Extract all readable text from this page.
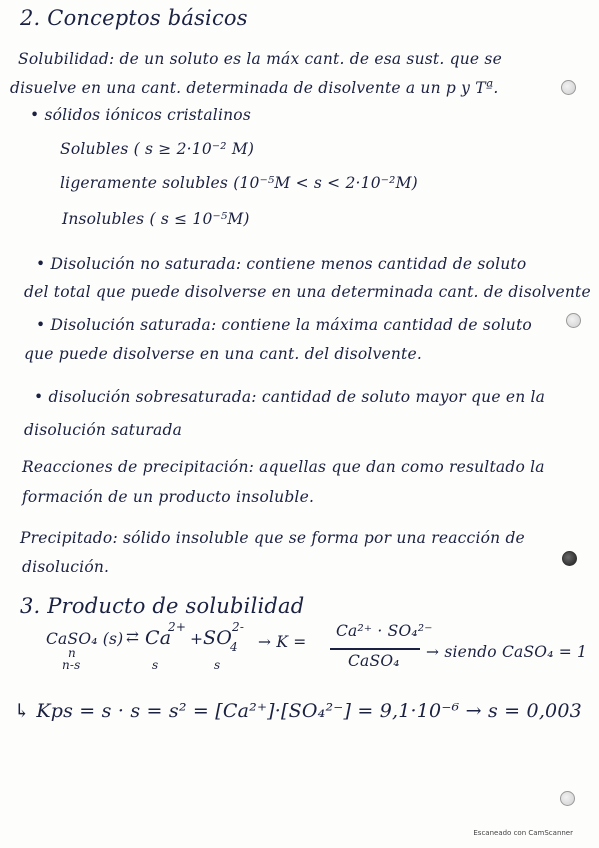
2. Conceptos básicos
Solubilidad: de un soluto es la máx cant. de esa sust. que se
disuelve en una cant. determinada de disolvente a un p y Tª.
• sólidos iónicos cristalinos
Solubles ( s ≥ 2·10⁻² M)
ligeramente solubles (10⁻⁵M < s < 2·10⁻²M)
Insolubles ( s ≤ 10⁻⁵M)
• Disolución no saturada: contiene menos cantidad de soluto
del total que puede disolverse en una determinada cant. de disolvente
• Disolución saturada: contiene la máxima cantidad de soluto
que puede disolverse en una cant. del disolvente.
• disolución sobresaturada: cantidad de soluto mayor que en la
disolución saturada
Reacciones de precipitación: aquellas que dan como resultado la
formación de un producto insoluble.
Precipitado: sólido insoluble que se forma por una reacción de
disolución.
3. Producto de solubilidad
CaSO₄ (s) ⇄ Ca
2+
+ SO
4
2-
→ K =
Ca²⁺ · SO₄²⁻
CaSO₄ → siendo CaSO₄ = 1
n
n-s	s	s
↳ Kps = s · s = s² = [Ca²⁺]·[SO₄²⁻] = 9,1·10⁻⁶ → s = 0,003
Escaneado con CamScanner
